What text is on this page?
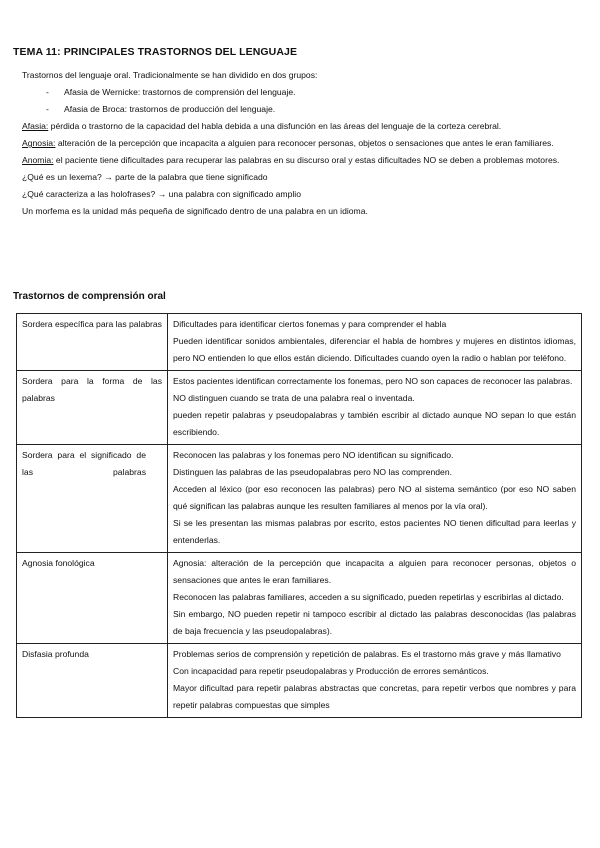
TEMA 11: PRINCIPALES TRASTORNOS DEL LENGUAJE

Trastornos del lenguaje oral. Tradicionalmente se han dividido en dos grupos:

- Afasia de Wernicke: trastornos de comprensión del lenguaje.

- Afasia de Broca: trastornos de producción del lenguaje.

Afasia: pérdida o trastorno de la capacidad del habla debida a una disfunción en las áreas del lenguaje de la corteza cerebral.

Agnosia: alteración de la percepción que incapacita a alguien para reconocer personas, objetos o sensaciones que antes le eran familiares.

Anomia: el paciente tiene dificultades para recuperar las palabras en su discurso oral y estas dificultades NO se deben a problemas motores.

¿Qué es un lexema? → parte de la palabra que tiene significado

¿Qué caracteriza a las holofrases? → una palabra con significado amplio

Un morfema es la unidad más pequeña de significado dentro de una palabra en un idioma.

Trastornos de comprensión oral
Sordera específica para las palabras	Dificultades para identificar ciertos fonemas y para comprender el habla
Pueden identificar sonidos ambientales, diferenciar el habla de hombres y mujeres en distintos idiomas, pero NO entienden lo que ellos están diciendo. Dificultades cuando oyen la radio o hablan por teléfono.

Sordera para la forma de las palabras	Estos pacientes identifican correctamente los fonemas, pero NO son capaces de reconocer las palabras.
NO distinguen cuando se trata de una palabra real o inventada.
pueden repetir palabras y pseudopalabras y también escribir al dictado aunque NO sepan lo que están escribiendo.

Sordera para el significado de las palabras	Reconocen las palabras y los fonemas pero NO identifican su significado.
Distinguen las palabras de las pseudopalabras pero NO las comprenden.
Acceden al léxico (por eso reconocen las palabras) pero NO al sistema semántico (por eso NO saben qué significan las palabras aunque les resulten familiares al menos por la vía oral).
Si se les presentan las mismas palabras por escrito, estos pacientes NO tienen dificultad para leerlas y entenderlas.

Agnosia fonológica	Agnosia: alteración de la percepción que incapacita a alguien para reconocer personas, objetos o sensaciones que antes le eran familiares.
Reconocen las palabras familiares, acceden a su significado, pueden repetirlas y escribirlas al dictado.
Sin embargo, NO pueden repetir ni tampoco escribir al dictado las palabras desconocidas (las palabras de baja frecuencia y las pseudopalabras).

Disfasia profunda	Problemas serios de comprensión y repetición de palabras. Es el trastorno más grave y más llamativo
Con incapacidad para repetir pseudopalabras y Producción de errores semánticos.
Mayor dificultad para repetir palabras abstractas que concretas, para repetir verbos que nombres y para repetir palabras compuestas que simples
